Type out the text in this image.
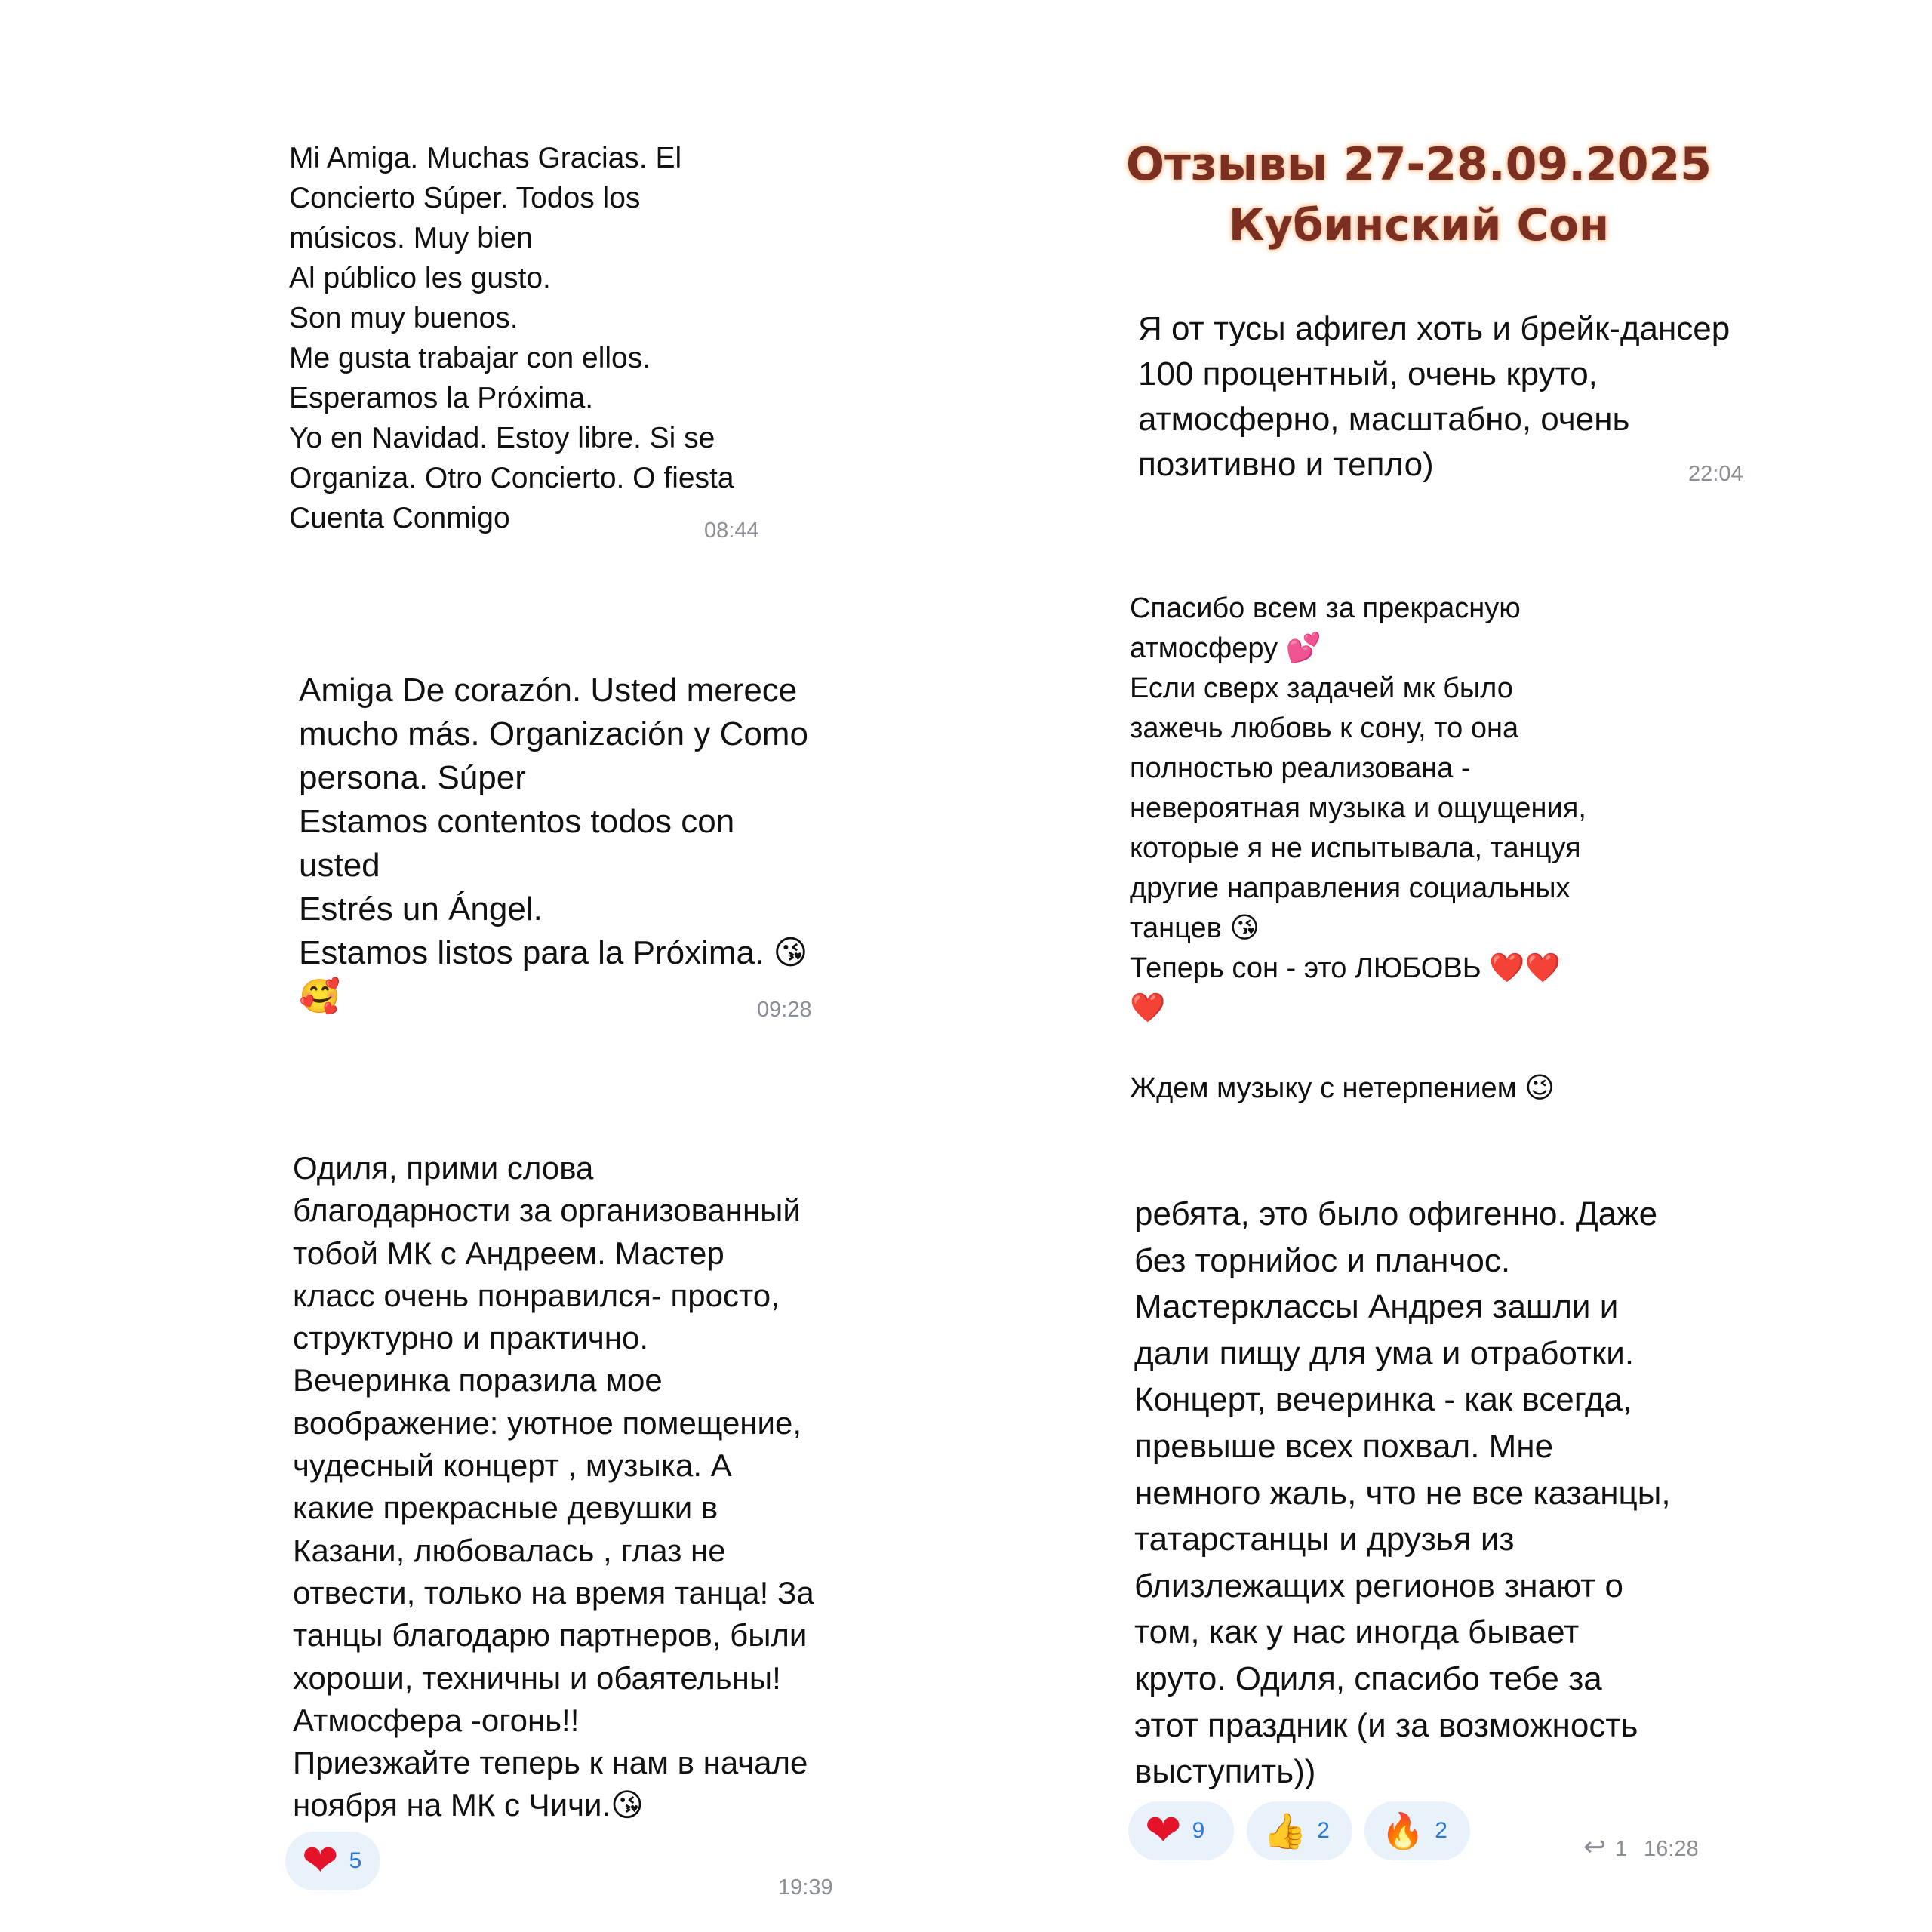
Отзывы 27-28.09.2025
Кубинский Сон
Mi Amiga. Muchas Gracias. El
Concierto Súper. Todos los
músicos. Muy bien
Al público les gusto.
Son muy buenos.
Me gusta trabajar con ellos.
Esperamos la Próxima.
Yo en Navidad. Estoy libre. Si se
Organiza. Otro Concierto. O fiesta
Cuenta Conmigo	08:44
Amiga De corazón. Usted merece
mucho más. Organización y Como
persona. Súper
Estamos contentos todos con
usted
Estrés un Ángel.
Estamos listos para la Próxima. 😘
🥰	09:28
Одиля, прими слова
благодарности за организованный
тобой МК с Андреем. Мастер
класс очень понравился- просто,
структурно и практично.
Вечеринка поразила мое
воображение: уютное помещение,
чудесный концерт , музыка. А
какие прекрасные девушки в
Казани, любовалась , глаз не
отвести, только на время танца! За
танцы благодарю партнеров, были
хороши, техничны и обаятельны!
Атмосфера -огонь!!
Приезжайте теперь к нам в начале
ноября на МК с Чичи.😘
❤ 5
19:39
Я от тусы афигел хоть и брейк-дансер
100 процентный, очень круто,
атмосферно, масштабно, очень
позитивно и тепло)	22:04
Спасибо всем за прекрасную
атмосферу 💕
Если сверх задачей мк было
зажечь любовь к сону, то она
полностью реализована -
невероятная музыка и ощущения,
которые я не испытывала, танцуя
другие направления социальных
танцев 😘
Теперь сон - это ЛЮБОВЬ ❤️❤️
❤️

Ждем музыку с нетерпением 😉
ребята, это было офигенно. Даже
без торнийос и планчос.
Мастерклассы Андрея зашли и
дали пищу для ума и отработки.
Концерт, вечеринка - как всегда,
превыше всех похвал. Мне
немного жаль, что не все казанцы,
татарстанцы и друзья из
близлежащих регионов знают о
том, как у нас иногда бывает
круто. Одиля, спасибо тебе за
этот праздник (и за возможность
выступить))
❤ 9 👍 2 🔥 2
↩ 1 16:28
